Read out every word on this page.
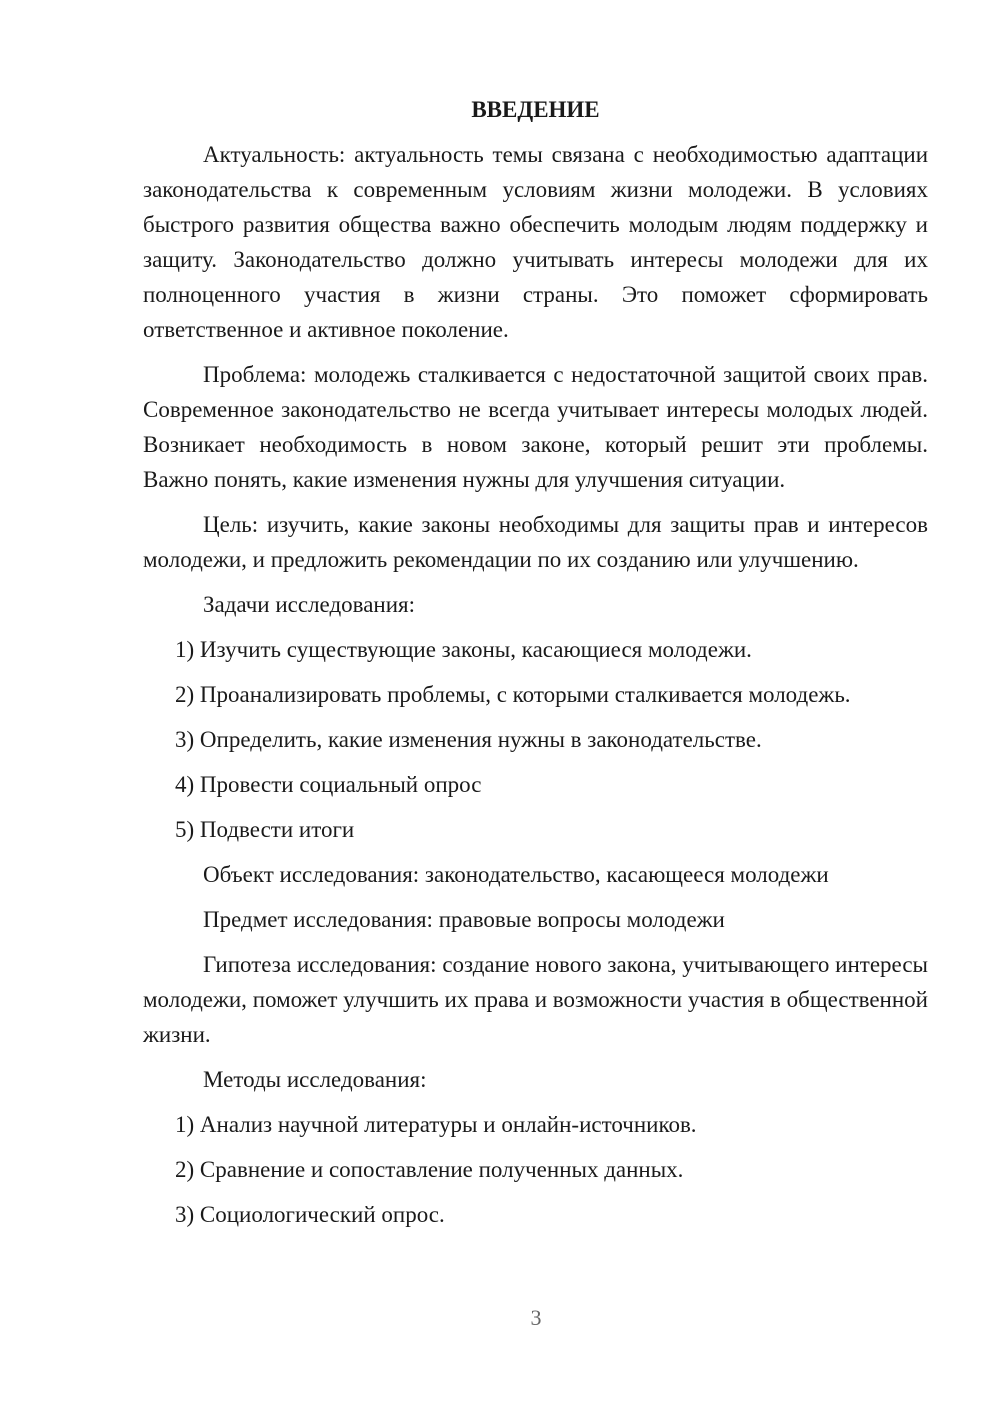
ВВЕДЕНИЕ
Актуальность: актуальность темы связана с необходимостью адаптации законодательства к современным условиям жизни молодежи. В условиях быстрого развития общества важно обеспечить молодым людям поддержку и защиту. Законодательство должно учитывать интересы молодежи для их полноценного участия в жизни страны. Это поможет сформировать ответственное и активное поколение.
Проблема: молодежь сталкивается с недостаточной защитой своих прав. Современное законодательство не всегда учитывает интересы молодых людей. Возникает необходимость в новом законе, который решит эти проблемы. Важно понять, какие изменения нужны для улучшения ситуации.
Цель: изучить, какие законы необходимы для защиты прав и интересов молодежи, и предложить рекомендации по их созданию или улучшению.
Задачи исследования:
1) Изучить существующие законы, касающиеся молодежи.
2) Проанализировать проблемы, с которыми сталкивается молодежь.
3) Определить, какие изменения нужны в законодательстве.
4) Провести социальный опрос
5) Подвести итоги
Объект исследования: законодательство, касающееся молодежи
Предмет исследования: правовые вопросы молодежи
Гипотеза исследования: создание нового закона, учитывающего интересы молодежи, поможет улучшить их права и возможности участия в общественной жизни.
Методы исследования:
1) Анализ научной литературы и онлайн-источников.
2) Сравнение и сопоставление полученных данных.
3) Социологический опрос.
3
